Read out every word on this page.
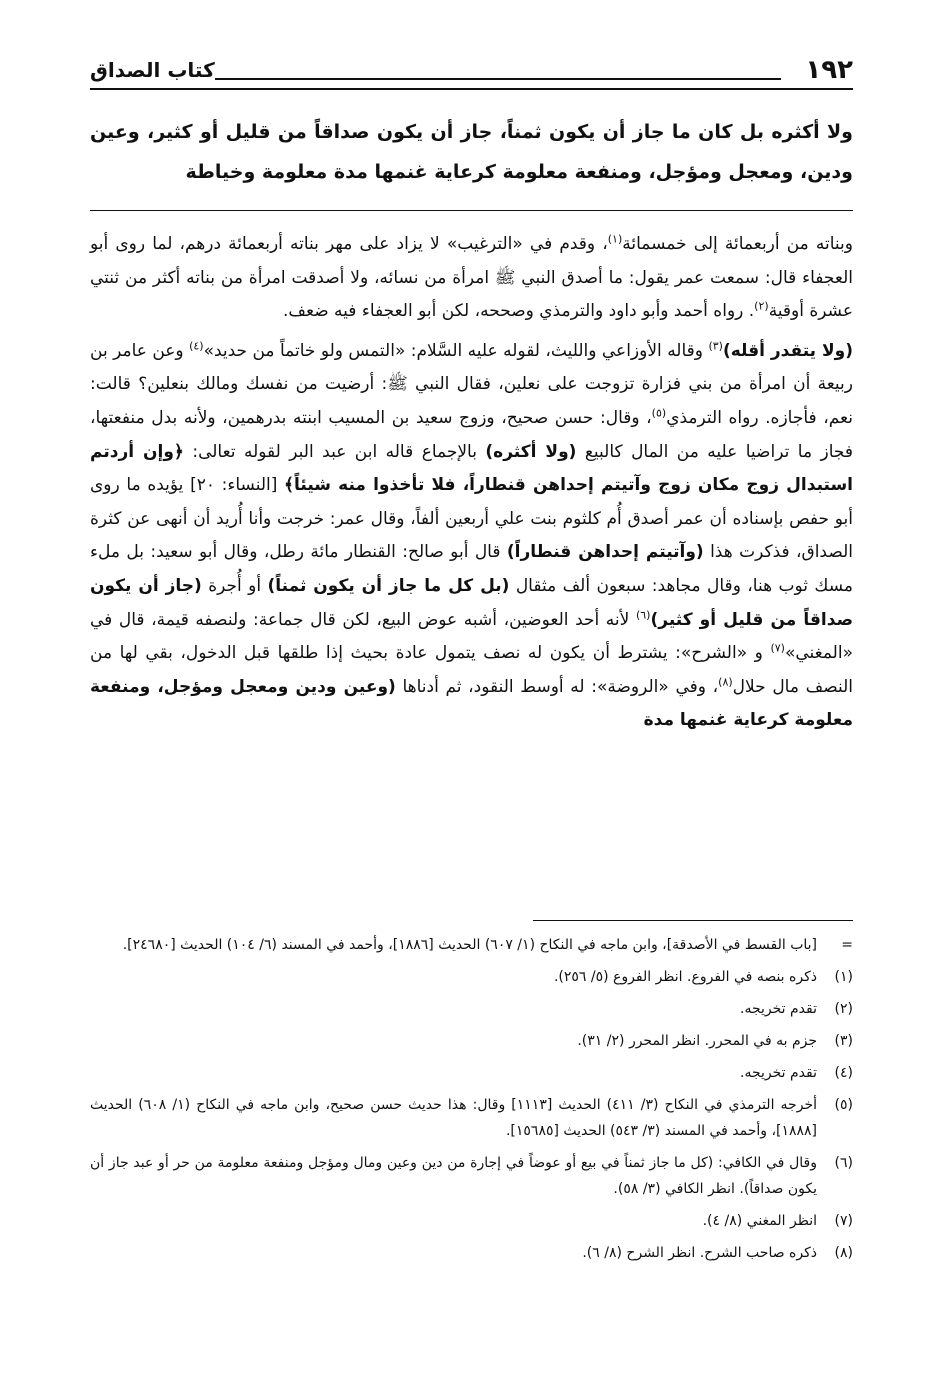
١٩٢
كتاب الصداق
ولا أكثره بل كان ما جاز أن يكون ثمناً، جاز أن يكون صداقاً من قليل أو كثير، وعين ودين، ومعجل ومؤجل، ومنفعة معلومة كرعاية غنمها مدة معلومة وخياطة

وبناته من أربعمائة إلى خمسمائة$^{(١)}$، وقدم في «الترغيب» لا يزاد على مهر بناته أربعمائة درهم، لما روى أبو العجفاء قال: سمعت عمر يقول: ما أصدق النبي ﷺ امرأة من نسائه، ولا أصدقت امرأة من بناته أكثر من ثنتي عشرة أوقية$^{(٢)}$. رواه أحمد وأبو داود والترمذي وصححه، لكن أبو العجفاء فيه ضعف.

(ولا يتقدر أقله)$^{(٣)}$ وقاله الأوزاعي والليث، لقوله عليه السَّلام: «التمس ولو خاتماً من حديد»$^{(٤)}$ وعن عامر بن ربيعة أن امرأة من بني فزارة تزوجت على نعلين، فقال النبي ﷺ: أرضيت من نفسك ومالك بنعلين؟ قالت: نعم، فأجازه. رواه الترمذي$^{(٥)}$، وقال: حسن صحيح، وزوج سعيد بن المسيب ابنته بدرهمين، ولأنه بدل منفعتها، فجاز ما تراضيا عليه من المال كالبيع (ولا أكثره) بالإجماع قاله ابن عبد البر لقوله تعالى: ﴿وإن أردتم استبدال زوج مكان زوج وآتيتم إحداهن قنطاراً، فلا تأخذوا منه شيئاً﴾ [النساء: ٢٠] يؤيده ما روى أبو حفص بإسناده أن عمر أصدق أُم كلثوم بنت علي أربعين ألفاً، وقال عمر: خرجت وأنا أُريد أن أنهى عن كثرة الصداق، فذكرت هذا (وآتيتم إحداهن قنطاراً) قال أبو صالح: القنطار مائة رطل، وقال أبو سعيد: بل ملء مسك ثوب هنا، وقال مجاهد: سبعون ألف مثقال (بل كل ما جاز أن يكون ثمناً) أو أُجرة (جاز أن يكون صداقاً من قليل أو كثير)$^{(٦)}$ لأنه أحد العوضين، أشبه عوض البيع، لكن قال جماعة: ولنصفه قيمة، قال في «المغني»$^{(٧)}$ و «الشرح»: يشترط أن يكون له نصف يتمول عادة بحيث إذا طلقها قبل الدخول، بقي لها من النصف مال حلال$^{(٨)}$، وفي «الروضة»: له أوسط النقود، ثم أدناها (وعين ودين ومعجل ومؤجل، ومنفعة معلومة كرعاية غنمها مدة

=
[باب القسط في الأصدقة]، وابن ماجه في النكاح (١/ ٦٠٧) الحديث [١٨٨٦]، وأحمد في المسند (٦/ ١٠٤) الحديث [٢٤٦٨٠].
(١)
ذكره بنصه في الفروع. انظر الفروع (٥/ ٢٥٦).
(٢)
تقدم تخريجه.
(٣)
جزم به في المحرر. انظر المحرر (٢/ ٣١).
(٤)
تقدم تخريجه.
(٥)
أخرجه الترمذي في النكاح (٣/ ٤١١) الحديث [١١١٣] وقال: هذا حديث حسن صحيح، وابن ماجه في النكاح (١/ ٦٠٨) الحديث [١٨٨٨]، وأحمد في المسند (٣/ ٥٤٣) الحديث [١٥٦٨٥].
(٦)
وقال في الكافي: (كل ما جاز ثمناً في بيع أو عوضاً في إجارة من دين وعين ومال ومؤجل ومنفعة معلومة من حر أو عبد جاز أن يكون صداقاً). انظر الكافي (٣/ ٥٨).
(٧)
انظر المغني (٨/ ٤).
(٨)
ذكره صاحب الشرح. انظر الشرح (٨/ ٦).
